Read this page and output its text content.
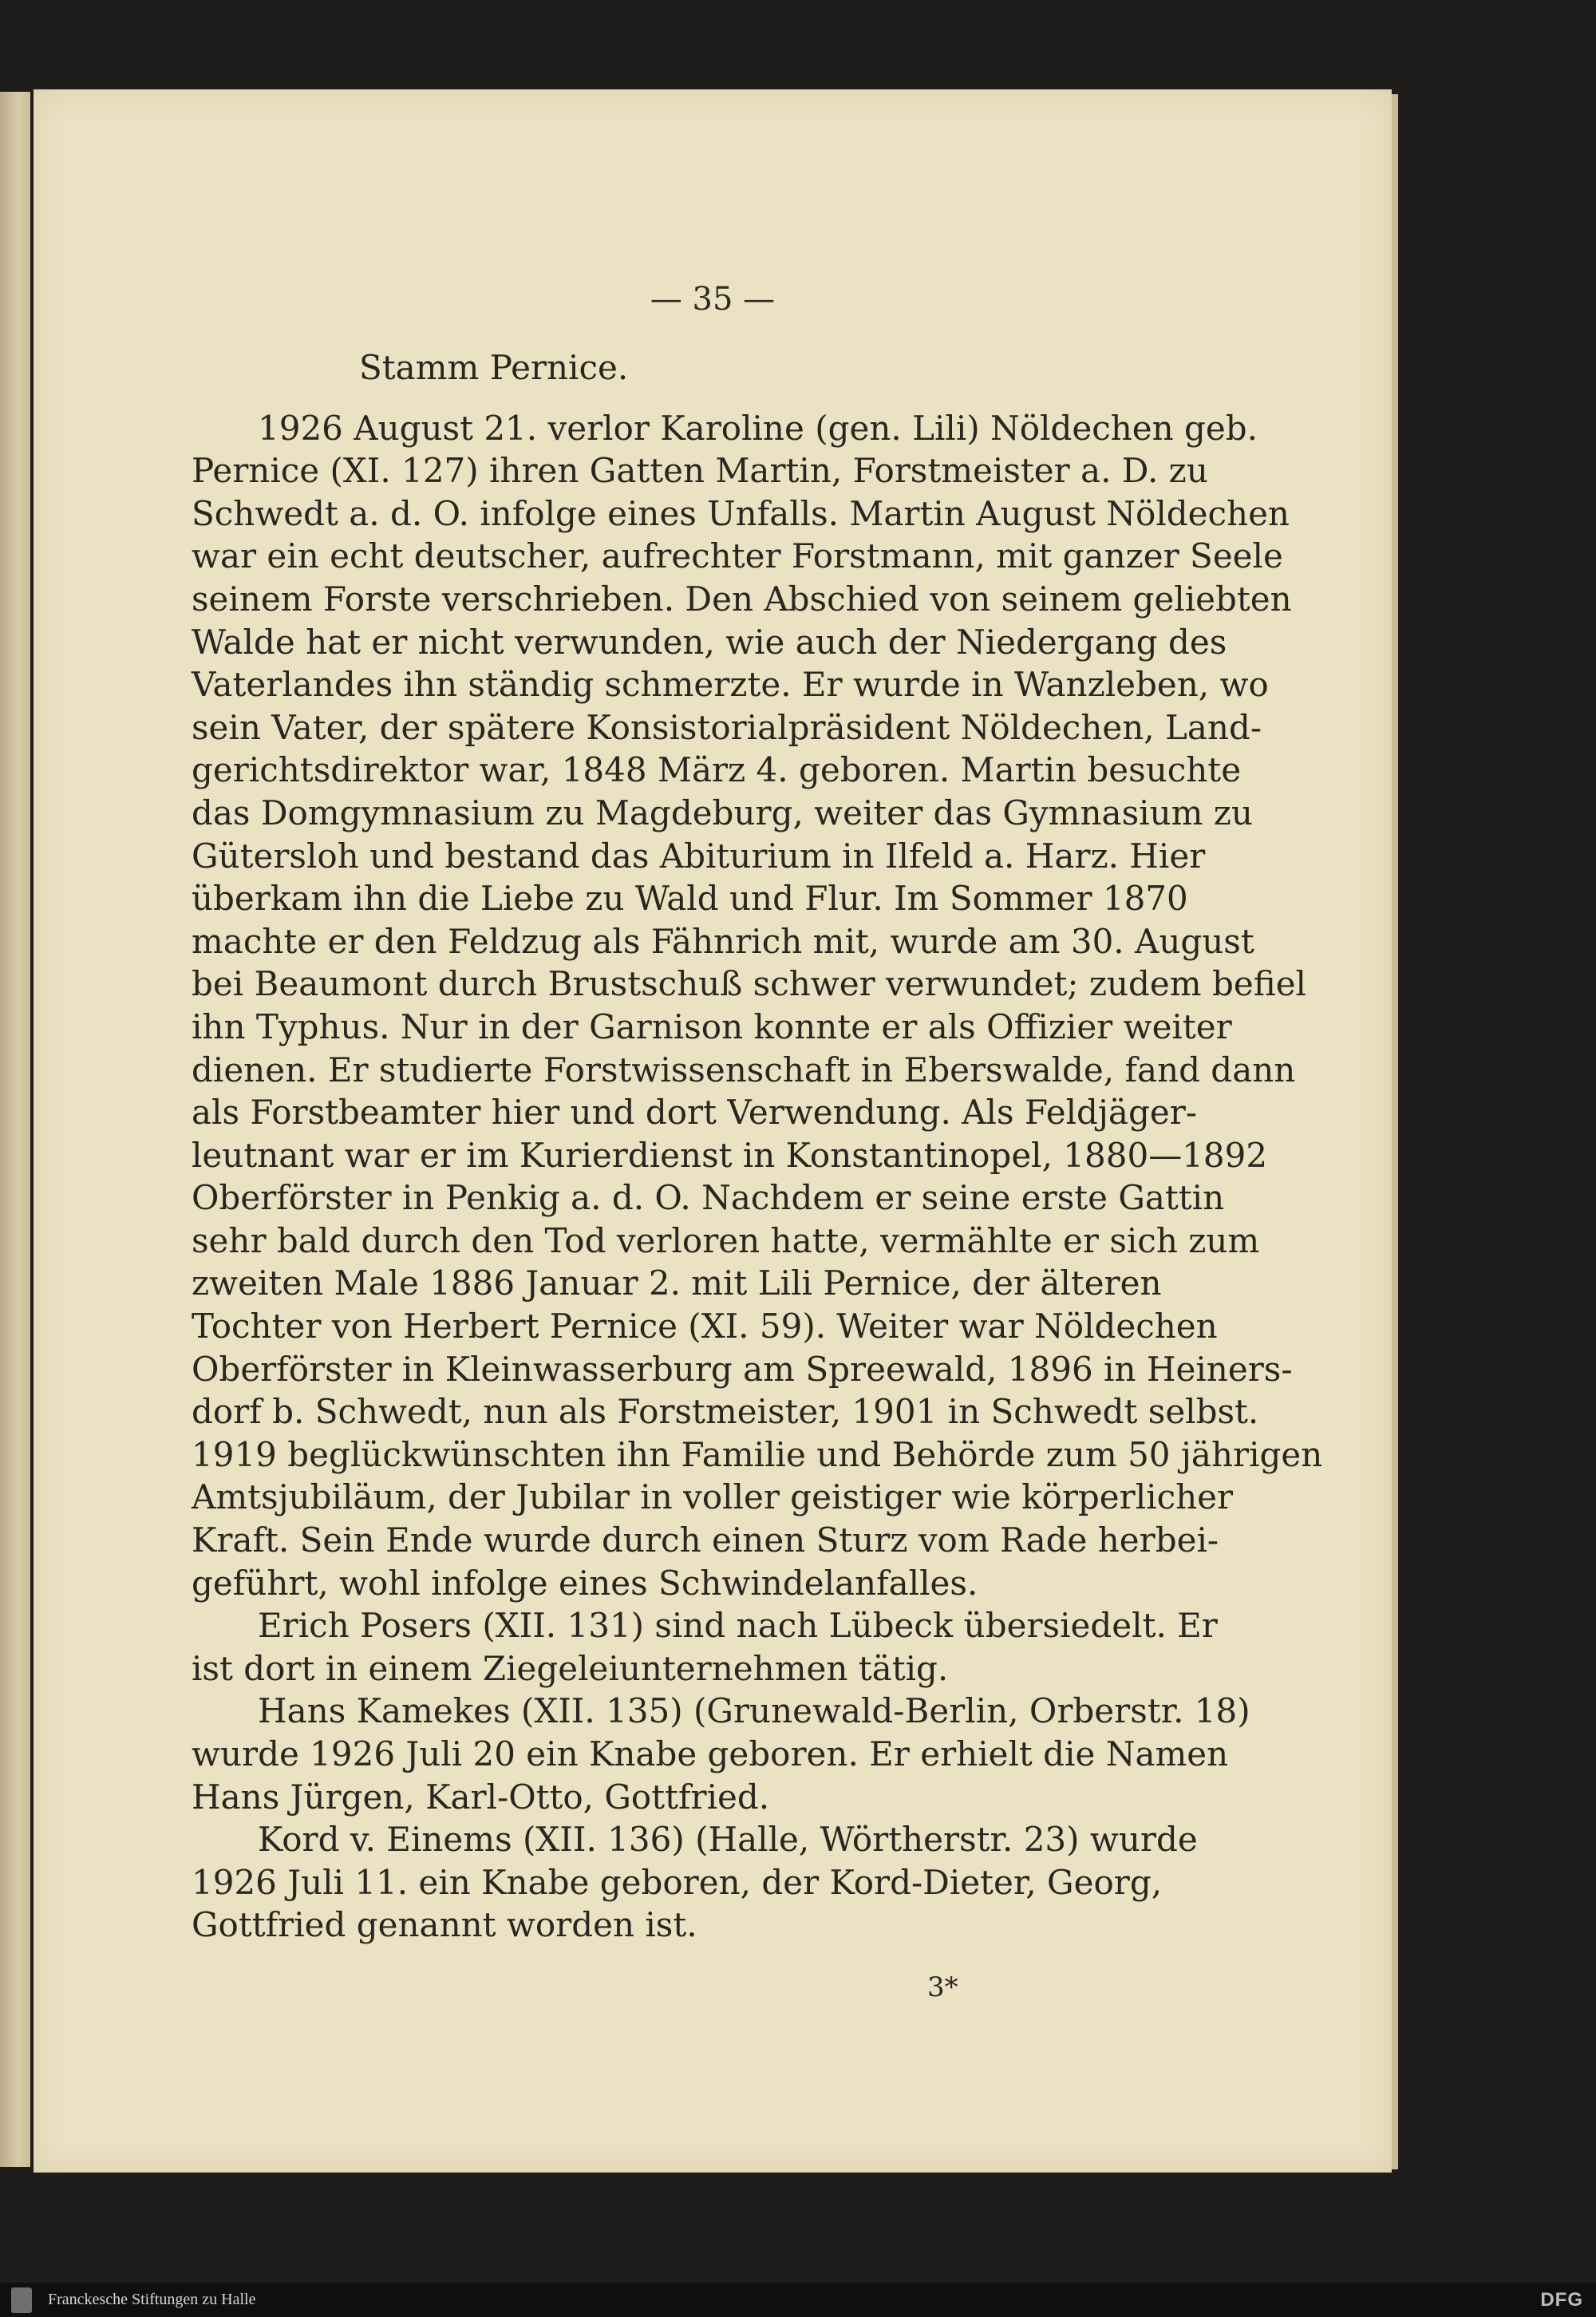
— 35 —
Stamm Pernice.
1926 August 21. verlor Karoline (gen. Lili) Nöldechen geb.
Pernice (XI. 127) ihren Gatten Martin, Forstmeister a. D. zu
Schwedt a. d. O. infolge eines Unfalls. Martin August Nöldechen
war ein echt deutscher, aufrechter Forstmann, mit ganzer Seele
seinem Forste verschrieben. Den Abschied von seinem geliebten
Walde hat er nicht verwunden, wie auch der Niedergang des
Vaterlandes ihn ständig schmerzte. Er wurde in Wanzleben, wo
sein Vater, der spätere Konsistorialpräsident Nöldechen, Land-
gerichtsdirektor war, 1848 März 4. geboren. Martin besuchte
das Domgymnasium zu Magdeburg, weiter das Gymnasium zu
Gütersloh und bestand das Abiturium in Ilfeld a. Harz. Hier
überkam ihn die Liebe zu Wald und Flur. Im Sommer 1870
machte er den Feldzug als Fähnrich mit, wurde am 30. August
bei Beaumont durch Brustschuß schwer verwundet; zudem befiel
ihn Typhus. Nur in der Garnison konnte er als Offizier weiter
dienen. Er studierte Forstwissenschaft in Eberswalde, fand dann
als Forstbeamter hier und dort Verwendung. Als Feldjäger-
leutnant war er im Kurierdienst in Konstantinopel, 1880—1892
Oberförster in Penkig a. d. O. Nachdem er seine erste Gattin
sehr bald durch den Tod verloren hatte, vermählte er sich zum
zweiten Male 1886 Januar 2. mit Lili Pernice, der älteren
Tochter von Herbert Pernice (XI. 59). Weiter war Nöldechen
Oberförster in Kleinwasserburg am Spreewald, 1896 in Heiners-
dorf b. Schwedt, nun als Forstmeister, 1901 in Schwedt selbst.
1919 beglückwünschten ihn Familie und Behörde zum 50 jährigen
Amtsjubiläum, der Jubilar in voller geistiger wie körperlicher
Kraft. Sein Ende wurde durch einen Sturz vom Rade herbei-
geführt, wohl infolge eines Schwindelanfalles.
Erich Posers (XII. 131) sind nach Lübeck übersiedelt. Er
ist dort in einem Ziegeleiunternehmen tätig.
Hans Kamekes (XII. 135) (Grunewald-Berlin, Orberstr. 18)
wurde 1926 Juli 20 ein Knabe geboren. Er erhielt die Namen
Hans Jürgen, Karl-Otto, Gottfried.
Kord v. Einems (XII. 136) (Halle, Wörtherstr. 23) wurde
1926 Juli 11. ein Knabe geboren, der Kord-Dieter, Georg,
Gottfried genannt worden ist.
3*
Franckesche Stiftungen zu Halle	DFG
